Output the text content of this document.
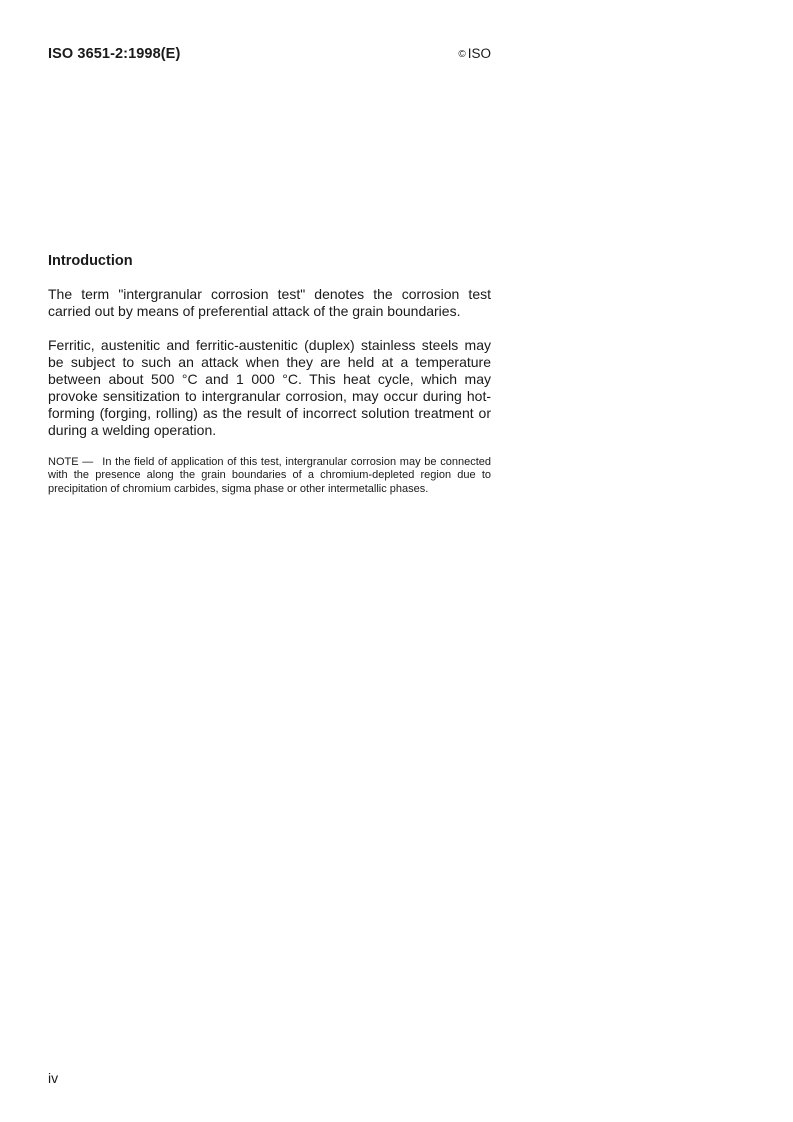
ISO 3651-2:1998(E)	© ISO
Introduction

The term "intergranular corrosion test" denotes the corrosion test carried out by means of preferential attack of the grain boundaries.

Ferritic, austenitic and ferritic-austenitic (duplex) stainless steels may be subject to such an attack when they are held at a temperature between about 500 °C and 1 000 °C. This heat cycle, which may provoke sensitization to intergranular corrosion, may occur during hot-forming (forging, rolling) as the result of incorrect solution treatment or during a welding operation.

NOTE — In the field of application of this test, intergranular corrosion may be connected with the presence along the grain boundaries of a chromium-depleted region due to precipitation of chromium carbides, sigma phase or other intermetallic phases.

iv
